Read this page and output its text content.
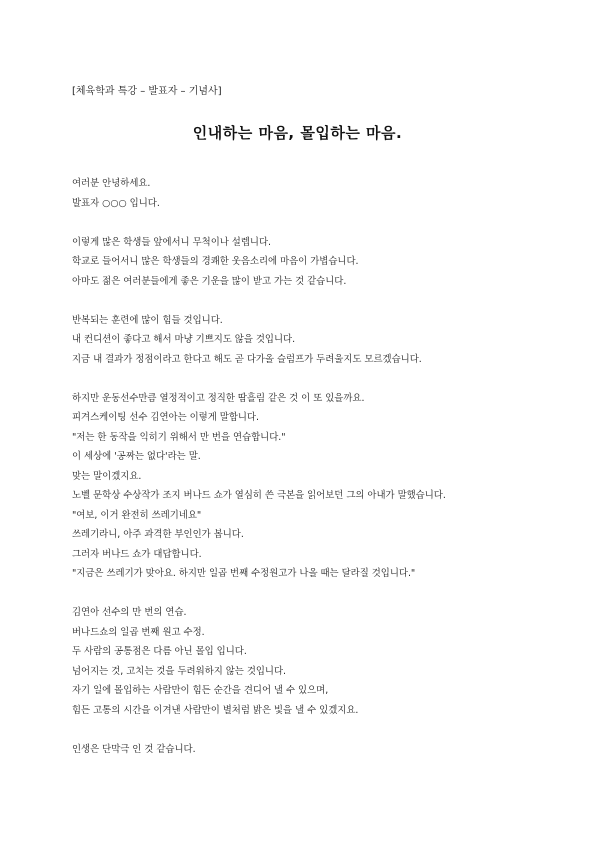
[체육학과 특강 – 발표자 – 기념사]
인내하는 마음, 몰입하는 마음.
여러분 안녕하세요.
발표자 ○○○ 입니다.
이렇게 많은 학생들 앞에서니 무척이나 설렙니다.
학교로 들어서니 많은 학생들의 경쾌한 웃음소리에 마음이 가볍습니다.
아마도 젊은 여러분들에게 좋은 기운을 많이 받고 가는 것 같습니다.
반복되는 훈련에 많이 힘들 것입니다.
내 컨디션이 좋다고 해서 마냥 기쁘지도 않을 것입니다.
지금 내 결과가 정점이라고 한다고 해도 곧 다가올 슬럼프가 두려울지도 모르겠습니다.
하지만 운동선수만큼 열정적이고 정직한 땀흘림 같은 것 이 또 있을까요.
피겨스케이팅 선수 김연아는 이렇게 말합니다.
"저는 한 동작을 익히기 위해서 만 번을 연습합니다."
이 세상에 '공짜는 없다'라는 말.
맞는 말이겠지요.
노벨 문학상 수상작가 조지 버나드 쇼가 열심히 쓴 극본을 읽어보던 그의 아내가 말했습니다.
"여보, 이거 완전히 쓰레기네요"
쓰레기라니, 아주 과격한 부인인가 봅니다.
그러자 버나드 쇼가 대답합니다.
"지금은 쓰레기가 맞아요. 하지만 일곱 번째 수정원고가 나올 때는 달라질 것입니다."
김연아 선수의 만 번의 연습.
버나드쇼의 일곱 번째 원고 수정.
두 사람의 공통점은 다름 아닌 몰입 입니다.
넘어지는 것, 고치는 것을 두려워하지 않는 것입니다.
자기 일에 몰입하는 사람만이 힘든 순간을 견디어 낼 수 있으며,
힘든 고통의 시간을 이겨낸 사람만이 별처럼 밝은 빛을 낼 수 있겠지요.
인생은 단막극 인 것 같습니다.
